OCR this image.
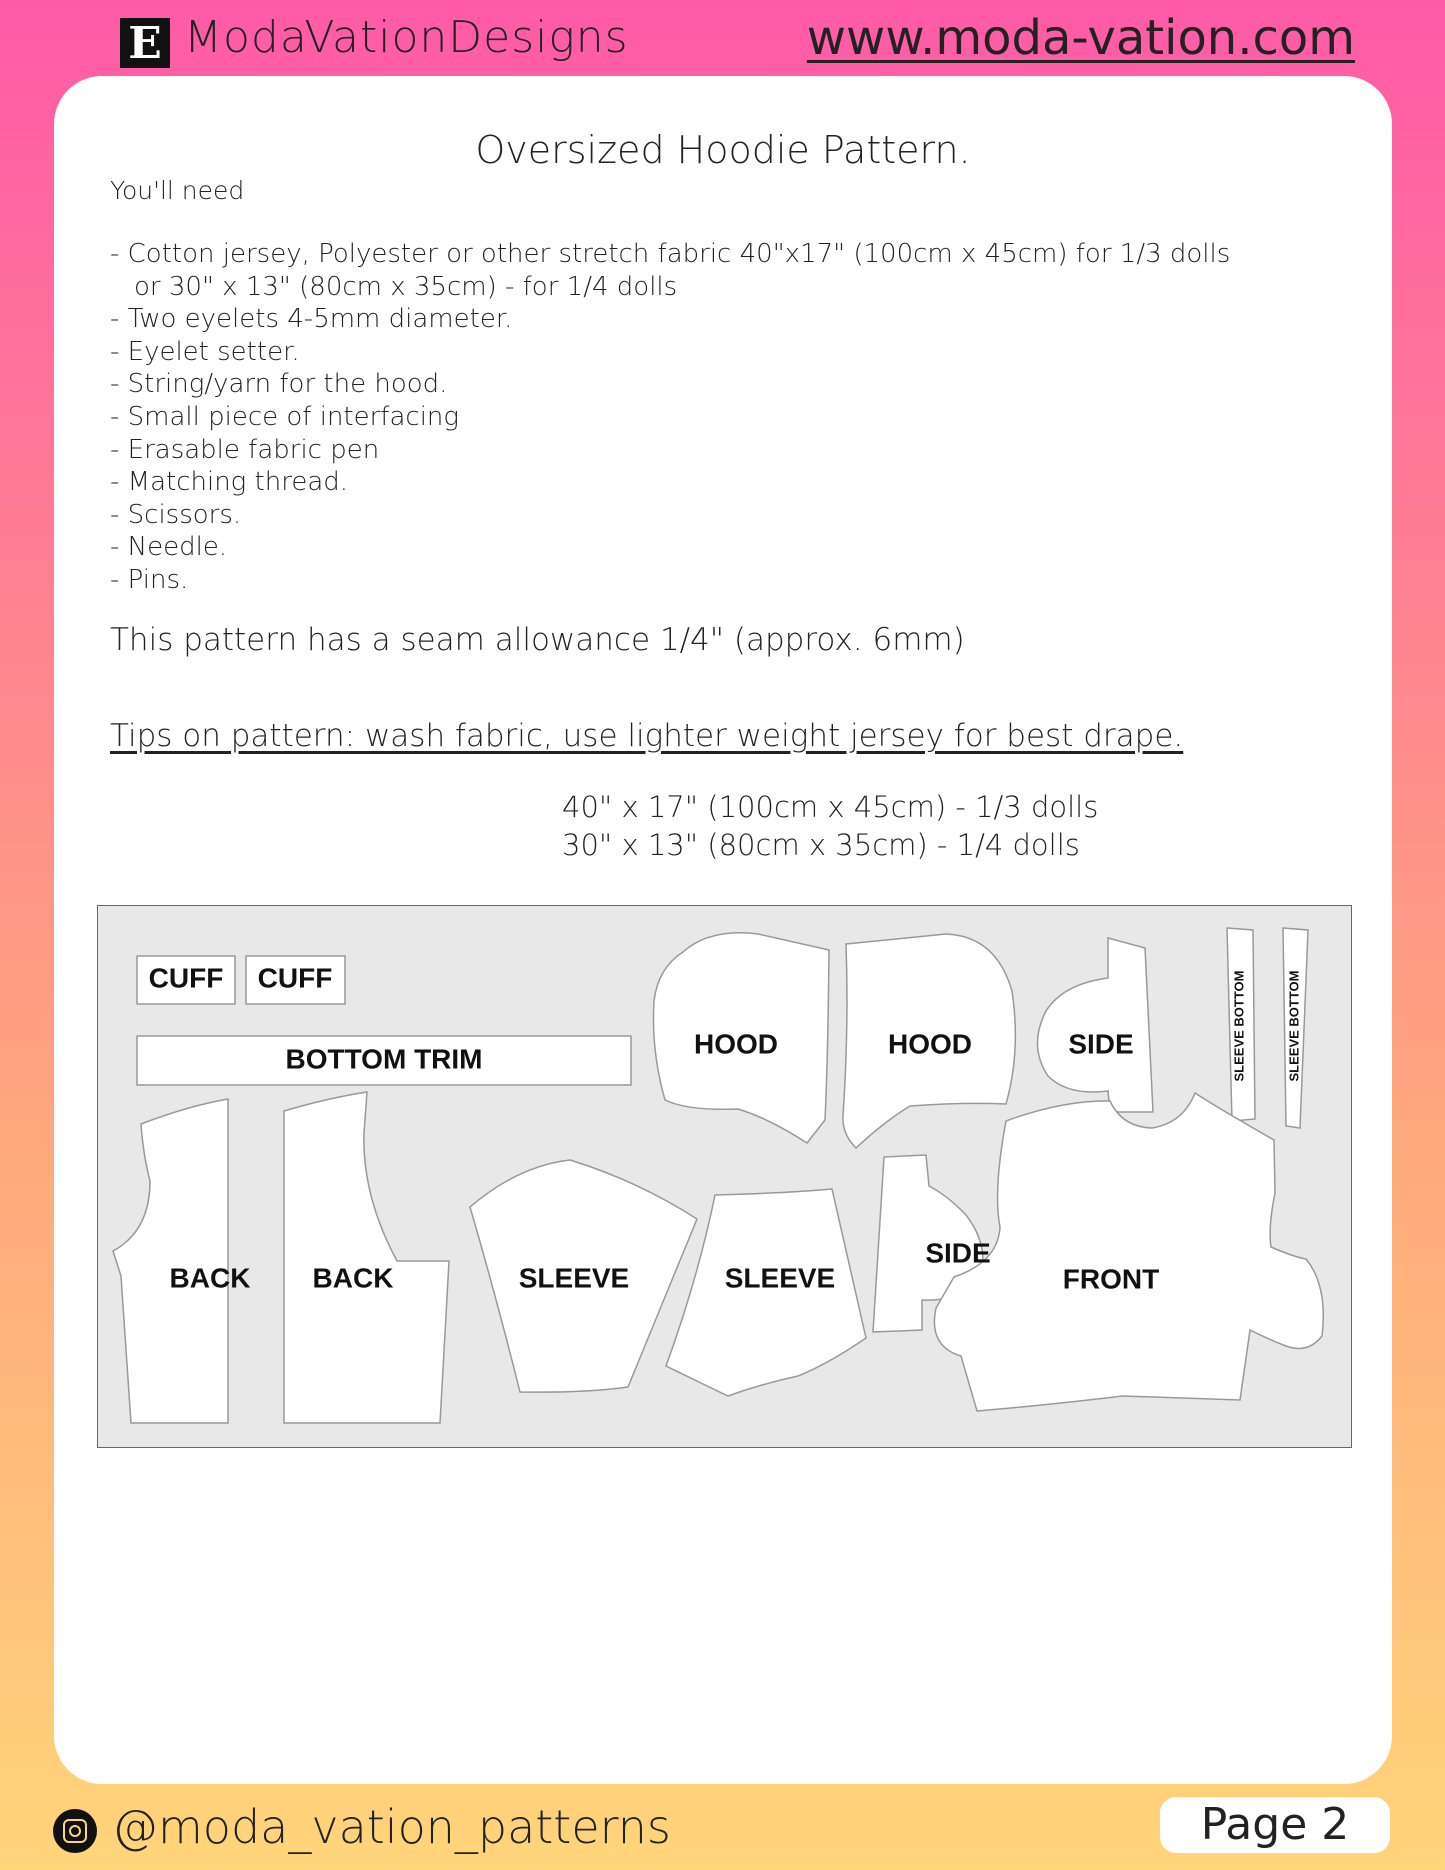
E ModaVationDesigns	www.moda-vation.com
Oversized Hoodie Pattern.
You'll need
- Cotton jersey, Polyester or other stretch fabric 40"x17" (100cm x 45cm) for 1/3 dolls
or 30" x 13" (80cm x 35cm) - for 1/4 dolls
- Two eyelets 4-5mm diameter.
- Eyelet setter.
- String/yarn for the hood.
- Small piece of interfacing
- Erasable fabric pen
- Matching thread.
- Scissors.
- Needle.
- Pins.
This pattern has a seam allowance 1/4" (approx. 6mm)
Tips on pattern: wash fabric, use lighter weight jersey for best drape.
40" x 17" (100cm x 45cm) - 1/3 dolls
30" x 13" (80cm x 35cm) - 1/4 dolls
CUFF CUFF
BOTTOM TRIM	HOOD	HOOD	SIDE	SLEEVE BOTTOM	SLEEVE BOTTOM
BACK BACK	SLEEVE	SLEEVE
SIDE
FRONT
@moda_vation_patterns	Page 2
